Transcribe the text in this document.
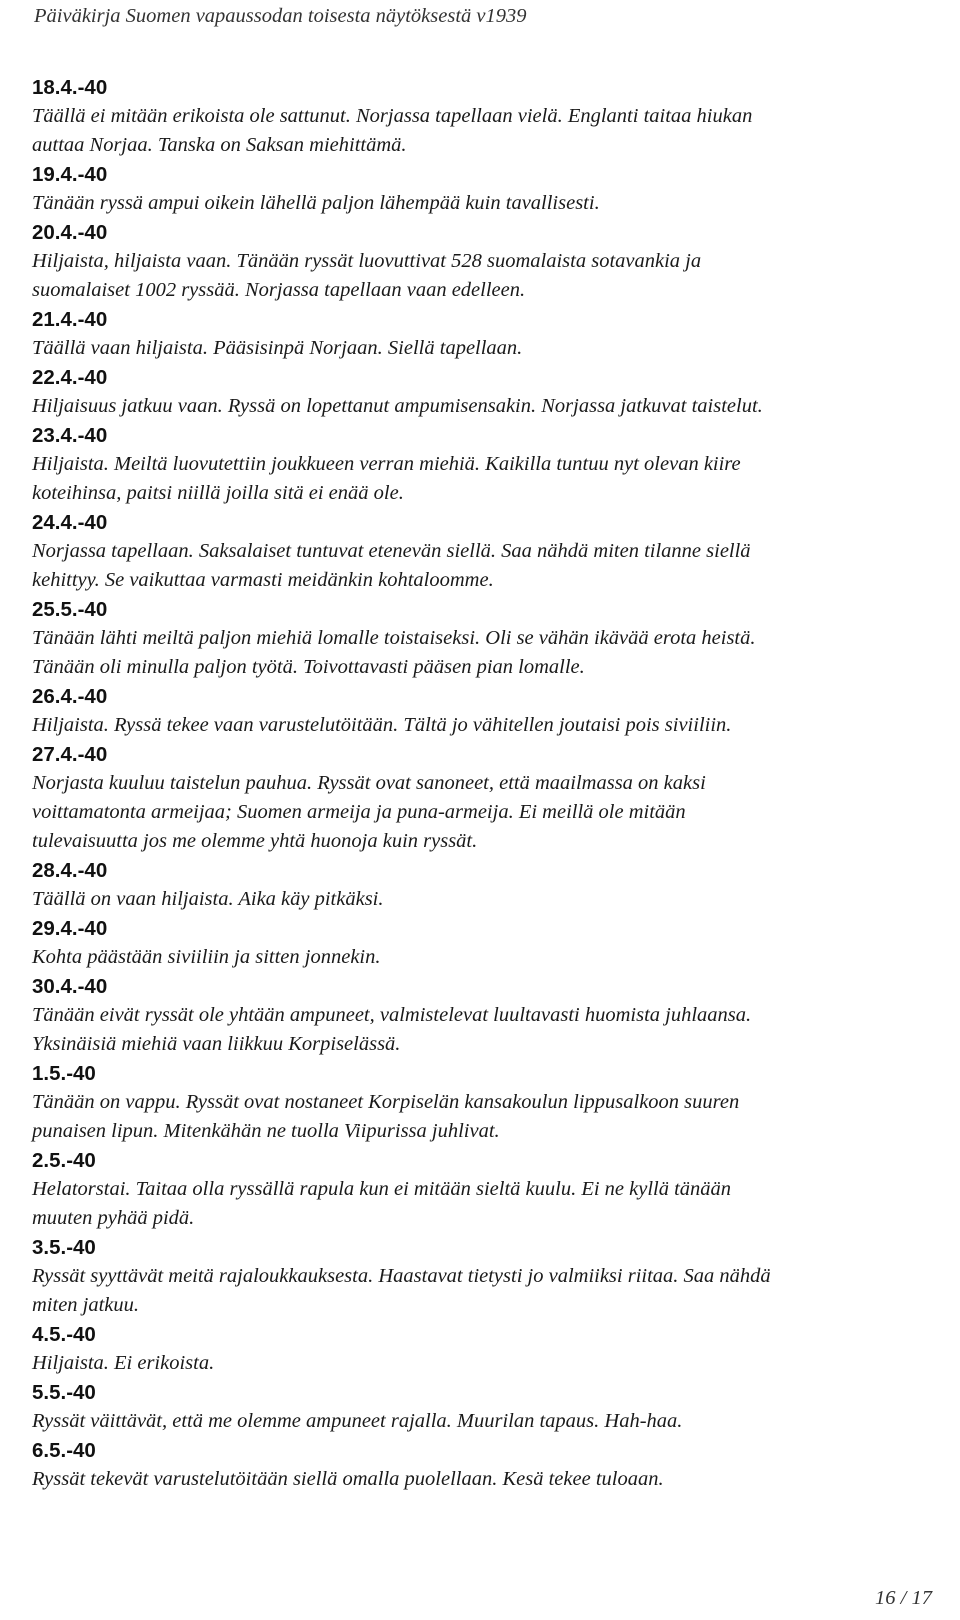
Päiväkirja Suomen vapaussodan toisesta näytöksestä v1939
18.4.-40
Täällä ei mitään erikoista ole sattunut. Norjassa tapellaan vielä. Englanti taitaa hiukan
auttaa Norjaa. Tanska on Saksan miehittämä.
19.4.-40
Tänään ryssä ampui oikein lähellä paljon lähempää kuin tavallisesti.
20.4.-40
Hiljaista, hiljaista vaan. Tänään ryssät luovuttivat 528 suomalaista sotavankia ja
suomalaiset 1002 ryssää. Norjassa tapellaan vaan edelleen.
21.4.-40
Täällä vaan hiljaista. Pääsisinpä Norjaan. Siellä tapellaan.
22.4.-40
Hiljaisuus jatkuu vaan. Ryssä on lopettanut ampumisensakin. Norjassa jatkuvat taistelut.
23.4.-40
Hiljaista. Meiltä luovutettiin joukkueen verran miehiä. Kaikilla tuntuu nyt olevan kiire
koteihinsa, paitsi niillä joilla sitä ei enää ole.
24.4.-40
Norjassa tapellaan. Saksalaiset tuntuvat etenevän siellä. Saa nähdä miten tilanne siellä
kehittyy. Se vaikuttaa varmasti meidänkin kohtaloomme.
25.5.-40
Tänään lähti meiltä paljon miehiä lomalle toistaiseksi. Oli se vähän ikävää erota heistä.
Tänään oli minulla paljon työtä. Toivottavasti pääsen pian lomalle.
26.4.-40
Hiljaista. Ryssä tekee vaan varustelutöitään. Tältä jo vähitellen joutaisi pois siviiliin.
27.4.-40
Norjasta kuuluu taistelun pauhua. Ryssät ovat sanoneet, että maailmassa on kaksi
voittamatonta armeijaa; Suomen armeija ja puna-armeija. Ei meillä ole mitään
tulevaisuutta jos me olemme yhtä huonoja kuin ryssät.
28.4.-40
Täällä on vaan hiljaista. Aika käy pitkäksi.
29.4.-40
Kohta päästään siviiliin ja sitten jonnekin.
30.4.-40
Tänään eivät ryssät ole yhtään ampuneet, valmistelevat luultavasti huomista juhlaansa.
Yksinäisiä miehiä vaan liikkuu Korpiselässä.
1.5.-40
Tänään on vappu. Ryssät ovat nostaneet Korpiselän kansakoulun lippusalkoon suuren
punaisen lipun. Mitenkähän ne tuolla Viipurissa juhlivat.
2.5.-40
Helatorstai. Taitaa olla ryssällä rapula kun ei mitään sieltä kuulu. Ei ne kyllä tänään
muuten pyhää pidä.
3.5.-40
Ryssät syyttävät meitä rajaloukkauksesta. Haastavat tietysti jo valmiiksi riitaa. Saa nähdä
miten jatkuu.
4.5.-40
Hiljaista. Ei erikoista.
5.5.-40
Ryssät väittävät, että me olemme ampuneet rajalla. Muurilan tapaus. Hah-haa.
6.5.-40
Ryssät tekevät varustelutöitään siellä omalla puolellaan. Kesä tekee tuloaan.
16 / 17
